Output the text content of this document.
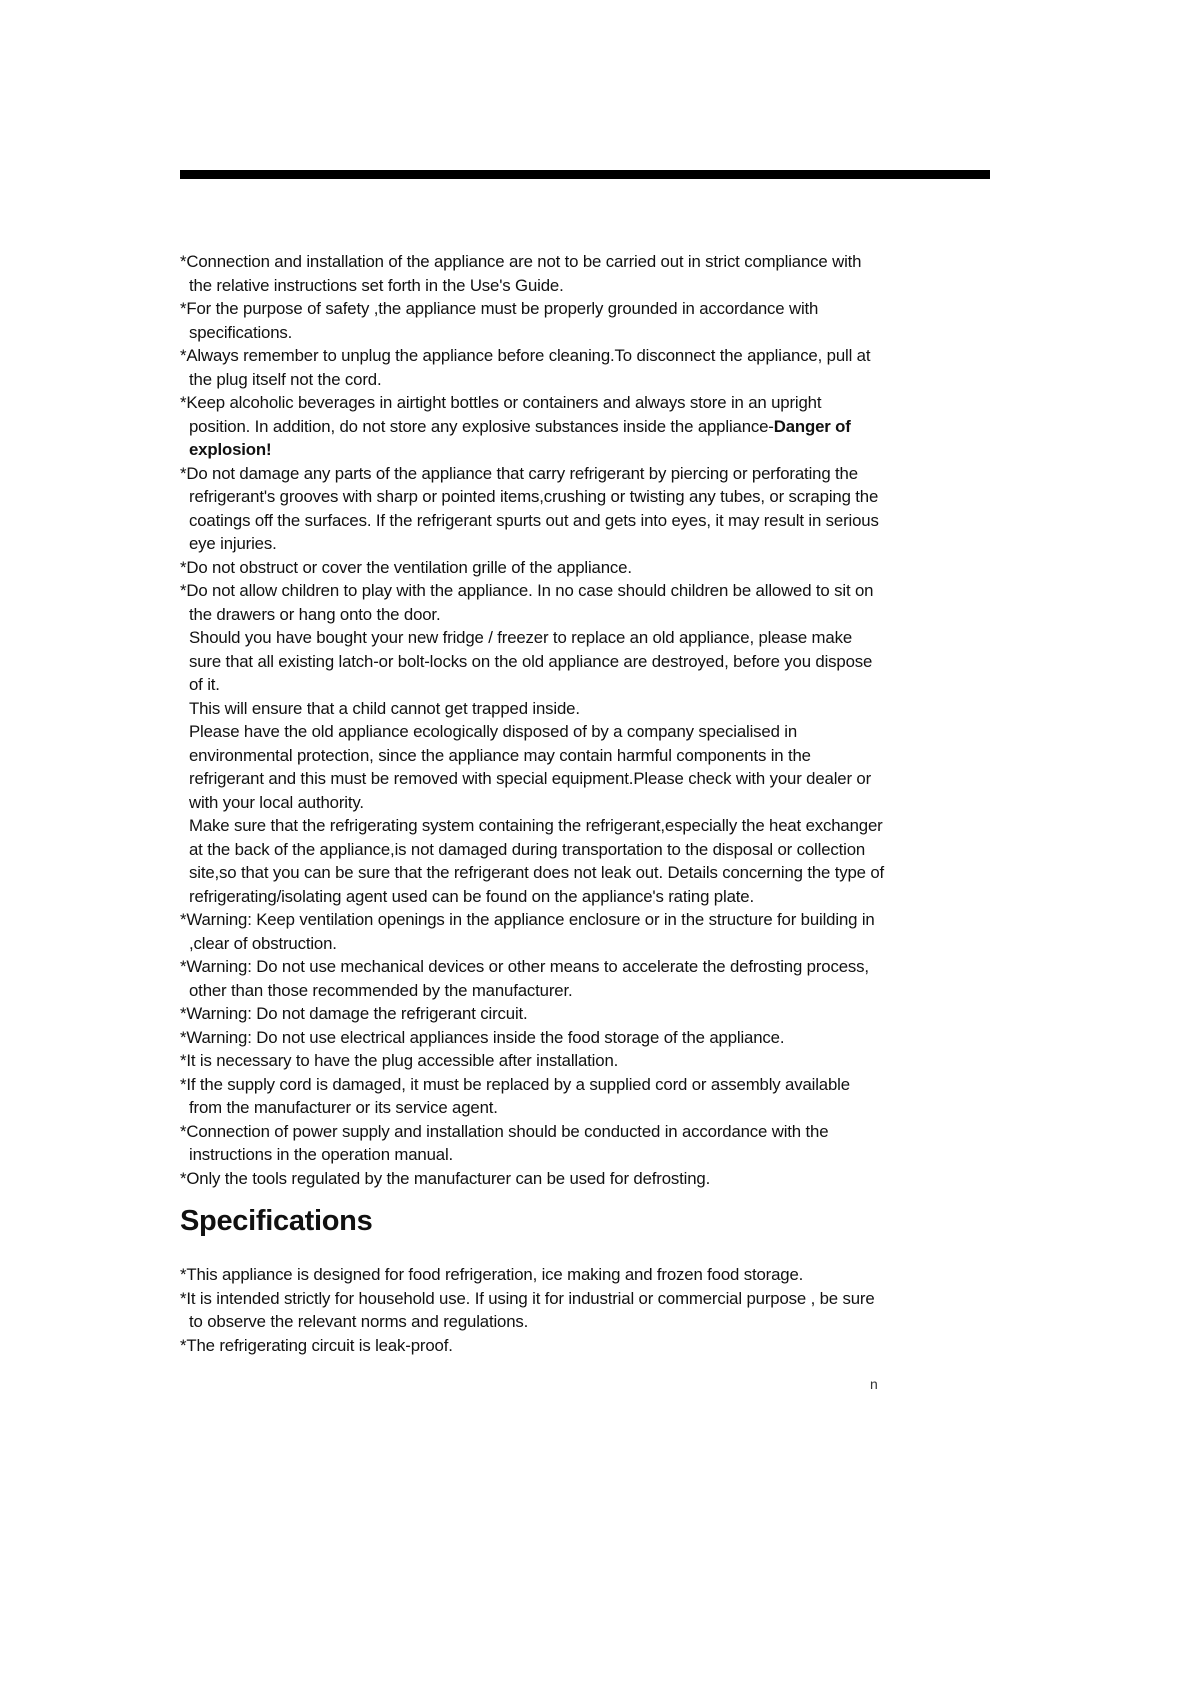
*Connection and installation of the appliance are not to be carried out in strict compliance with the relative instructions set forth in the Use's Guide.

*For the purpose of safety ,the appliance must be properly grounded in accordance with specifications.

*Always remember to unplug the appliance before cleaning.To disconnect the appliance, pull at the plug itself not the cord.

*Keep alcoholic beverages in airtight bottles or containers and always store in an upright position. In addition, do not store any explosive substances inside the appliance-Danger of explosion!

*Do not damage any parts of the appliance that carry refrigerant by piercing or perforating the refrigerant's grooves with sharp or pointed items,crushing or twisting any tubes, or scraping the coatings off the surfaces. If the refrigerant spurts out and gets into eyes, it may result in serious eye injuries.

*Do not obstruct or cover the ventilation grille of the appliance.

*Do not allow children to play with the appliance. In no case should children be allowed to sit on the drawers or hang onto the door.

Should you have bought your new fridge / freezer to replace an old appliance, please make sure that all existing latch-or bolt-locks on the old appliance are destroyed, before you dispose of it.

This will ensure that a child cannot get trapped inside.

Please have the old appliance ecologically disposed of by a company specialised in environmental protection, since the appliance may contain harmful components in the refrigerant and this must be removed with special equipment.Please check with your dealer or with your local authority.

Make sure that the refrigerating system containing the refrigerant,especially the heat exchanger at the back of the appliance,is not damaged during transportation to the disposal or collection site,so that you can be sure that the refrigerant does not leak out. Details concerning the type of refrigerating/isolating agent used can be found on the appliance's rating plate.

*Warning: Keep ventilation openings in the appliance enclosure or in the structure for building in ,clear of obstruction.

*Warning: Do not use mechanical devices or other means to accelerate the defrosting process, other than those recommended by the manufacturer.

*Warning: Do not damage the refrigerant circuit.

*Warning: Do not use electrical appliances inside the food storage of the appliance.

*It is necessary to have the plug accessible after installation.

*If the supply cord is damaged, it must be replaced by a supplied cord or assembly available from the manufacturer or its service agent.

*Connection of power supply and installation should be conducted in accordance with the instructions in the operation manual.

*Only the tools regulated by the manufacturer can be used for defrosting.

Specifications

*This appliance is designed for food refrigeration, ice making and frozen food storage.

*It is intended strictly for household use. If using it for industrial or commercial purpose , be sure to observe the relevant norms and regulations.

*The refrigerating circuit is leak-proof.

n
